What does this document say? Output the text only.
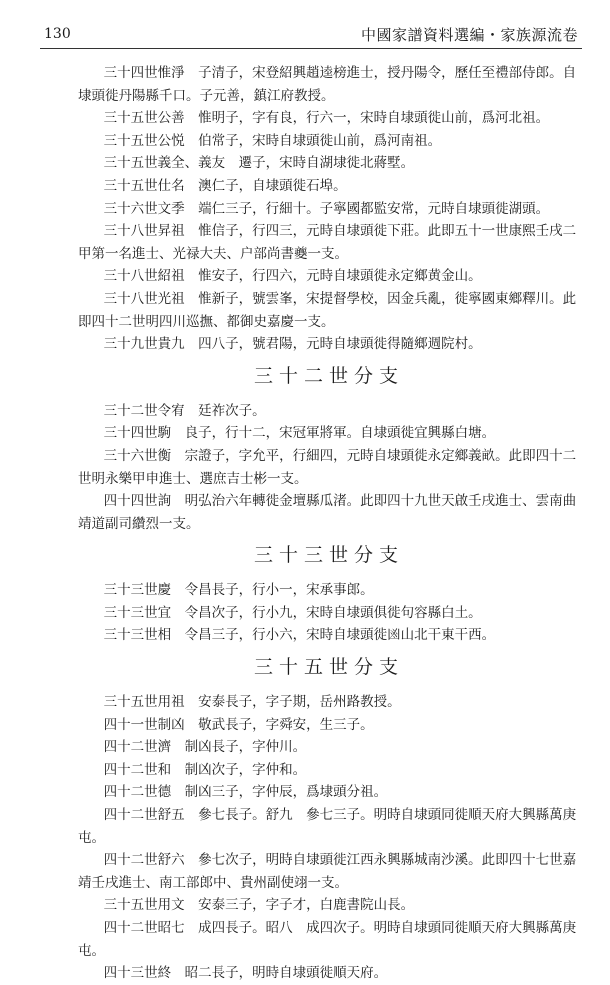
130	中國家譜資料選編・家族源流卷

三十四世惟淨 子清子，宋登紹興趙逵榜進士，授丹陽令，歷任至禮部侍郎。自埭頭徙丹陽縣千口。子元善，鎮江府教授。

三十五世公善 惟明子，字有良，行六一，宋時自埭頭徙山前，爲河北祖。

三十五世公悦 伯常子，宋時自埭頭徙山前，爲河南祖。

三十五世義全、義友 遷子，宋時自湖埭徙北蔣墅。

三十五世仕名 澳仁子，自埭頭徙石埠。

三十六世文季 端仁三子，行細十。子寧國都監安常，元時自埭頭徙湖頭。

三十八世昇祖 惟信子，行四三，元時自埭頭徙下莊。此即五十一世康熙壬戌二甲第一名進士、光禄大夫、户部尚書夔一支。

三十八世紹祖 惟安子，行四六，元時自埭頭徙永定鄉黄金山。

三十八世光祖 惟新子，號雲峯，宋提督學校，因金兵亂，徙寧國東鄉釋川。此即四十二世明四川巡撫、都御史嘉慶一支。

三十九世貴九 四八子，號君陽，元時自埭頭徙得隨鄉週院村。

三十二世分支

三十二世令宥 廷祚次子。

三十四世駒 良子，行十二，宋冠軍將軍。自埭頭徙宜興縣白塘。

三十六世衡 宗證子，字允平，行細四，元時自埭頭徙永定鄉義畝。此即四十二世明永樂甲申進士、選庶吉士彬一支。

四十四世詢 明弘治六年轉徙金壇縣瓜渚。此即四十九世天啟壬戌進士、雲南曲靖道副司纘烈一支。

三十三世分支

三十三世慶 令昌長子，行小一，宋承事郎。

三十三世宜 令昌次子，行小九，宋時自埭頭俱徙句容縣白土。

三十三世相 令昌三子，行小六，宋時自埭頭徙𠚍山北干東干西。

三十五世分支

三十五世用祖 安泰長子，字子期，岳州路教授。

四十一世制凶 敬武長子，字舜安，生三子。

四十二世濟 制凶長子，字仲川。

四十二世和 制凶次子，字仲和。

四十二世德 制凶三子，字仲辰，爲埭頭分祖。

四十二世舒五 參七長子。舒九　參七三子。明時自埭頭同徙順天府大興縣萬庚屯。

四十二世舒六 參七次子，明時自埭頭徙江西永興縣城南沙溪。此即四十七世嘉靖壬戌進士、南工部郎中、貴州副使翊一支。

三十五世用文 安泰三子，字子才，白鹿書院山長。

四十二世昭七 成四長子。昭八　成四次子。明時自埭頭同徙順天府大興縣萬庚屯。

四十三世終 昭二長子，明時自埭頭徙順天府。
